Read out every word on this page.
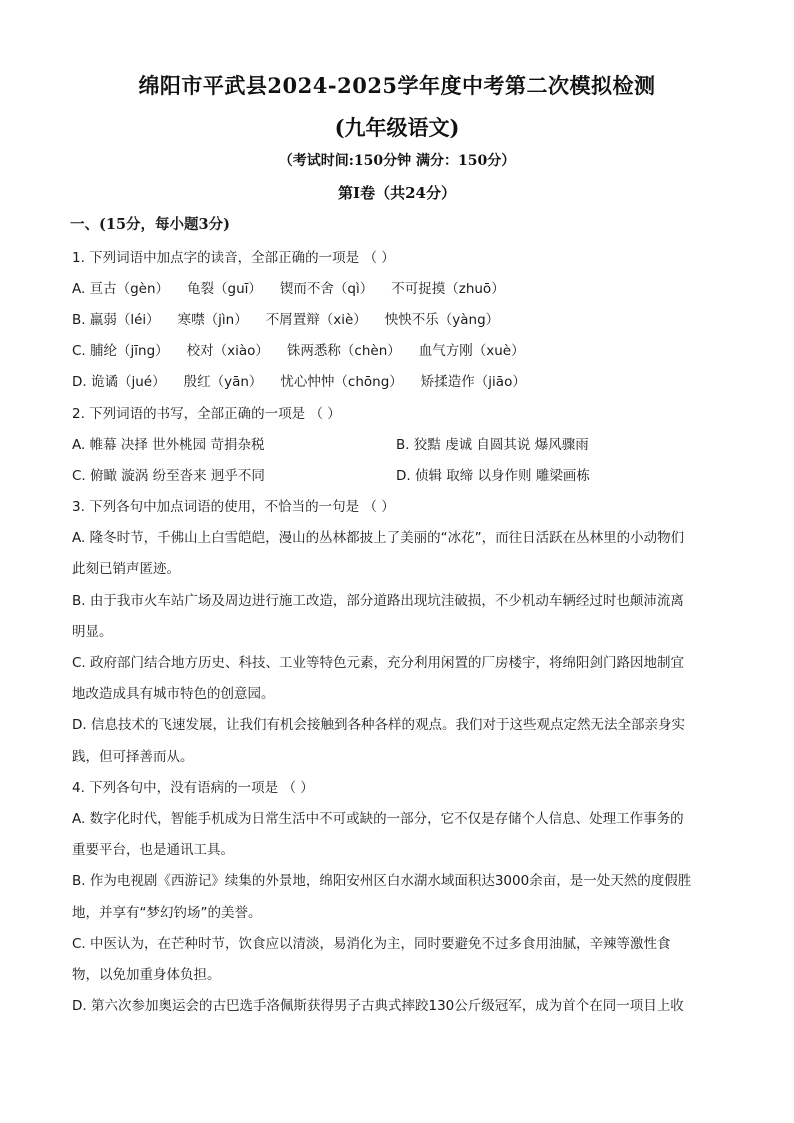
绵阳市平武县2024-2025学年度中考第二次模拟检测
(九年级语文)
（考试时间:150分钟 满分：150分）
第Ⅰ卷（共24分）
一、(15分，每小题3分)
1. 下列词语中加点字的读音，全部正确的一项是 （ ）
A. 亘古（gèn） 龟裂（guī） 锲而不舍（qì） 不可捉摸（zhuō）
B. 羸弱（léi） 寒噤（jìn） 不屑置辩（xiè） 怏怏不乐（yàng）
C. 脯纶（jīng） 校对（xiào） 铢两悉称（chèn） 血气方刚（xuè）
D. 诡谲（jué） 殷红（yān） 忧心忡忡（chōng） 矫揉造作（jiāo）
2. 下列词语的书写，全部正确的一项是 （ ）
A. 帷幕 决择 世外桃园 苛捐杂税	B. 狡黠 虔诚 自圆其说 爆风骤雨
C. 俯瞰 漩涡 纷至沓来 迥乎不同	D. 侦辑 取缔 以身作则 雕梁画栋
3. 下列各句中加点词语的使用，不恰当的一句是 （ ）
A. 隆冬时节，千佛山上白雪皑皑，漫山的丛林都披上了美丽的“冰花”，而往日活跃在丛林里的小动物们
此刻已销声匿迹。
B. 由于我市火车站广场及周边进行施工改造，部分道路出现坑洼破损，不少机动车辆经过时也颠沛流离
明显。
C. 政府部门结合地方历史、科技、工业等特色元素，充分利用闲置的厂房楼宇，将绵阳剑门路因地制宜
地改造成具有城市特色的创意园。
D. 信息技术的飞速发展，让我们有机会接触到各种各样的观点。我们对于这些观点定然无法全部亲身实
践，但可择善而从。
4. 下列各句中，没有语病的一项是 （ ）
A. 数字化时代，智能手机成为日常生活中不可或缺的一部分，它不仅是存储个人信息、处理工作事务的
重要平台，也是通讯工具。
B. 作为电视剧《西游记》续集的外景地，绵阳安州区白水湖水域面积达3000余亩，是一处天然的度假胜
地，并享有“梦幻钓场”的美誉。
C. 中医认为，在芒种时节，饮食应以清淡，易消化为主，同时要避免不过多食用油腻，辛辣等激性食
物，以免加重身体负担。
D. 第六次参加奥运会的古巴选手洛佩斯获得男子古典式摔跤130公斤级冠军，成为首个在同一项目上收
